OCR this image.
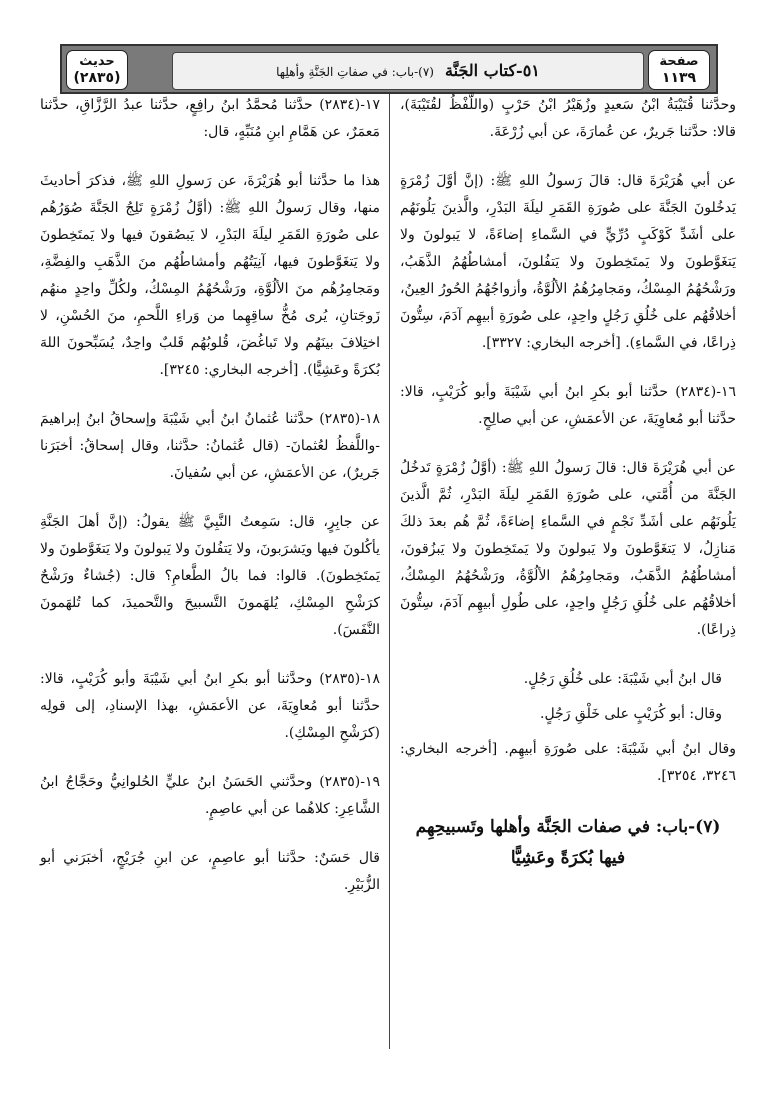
صفحة
١١٣٩
٥١-كتاب الجَنَّة (٧)-باب: في صفاتِ الجَنَّةِ وأهلِها
حديث
(٢٨٣٥)

وحدَّثنا قُتَيْبَةُ ابْنُ سَعيدٍ وزُهَيْرُ ابْنُ حَرْبٍ (واللَّفْظُ لقُتَيْبَةَ)، قالا: حدَّثنا جَريرٌ، عن عُمارَةَ، عن أبي زُرْعَةَ.

عن أبي هُرَيْرَةَ قال: قالَ رَسولُ اللهِ ﷺ: (إنَّ أوَّلَ زُمْرَةٍ يَدخُلونَ الجَنَّةَ على صُورَةِ القَمَرِ ليلَةَ البَدْرِ، والَّذينَ يَلُونَهُم على أشَدِّ كَوْكَبٍ دُرِّيٍّ في السَّماءِ إضاءَةً، لا يَبولونَ ولا يَتغَوَّطونَ ولا يَمتَخِطونَ ولا يَتفُلونَ، أمشاطُهُمُ الذَّهَبُ، ورَشْحُهُمُ المِسْكُ، ومَجامِرُهُمُ الألُوَّةُ، وأزواجُهُمُ الحُورُ العِينُ، أخلاقُهُم على خُلُقِ رَجُلٍ واحِدٍ، على صُورَةِ أبيهِم آدَمَ، سِتُّونَ ذِراعًا، في السَّماءِ). [أخرجه البخاري: ٣٣٢٧].

١٦-(٢٨٣٤) حدَّثنا أبو بكرِ ابنُ أبي شَيْبَةَ وأبو كُرَيْبٍ، قالا: حدَّثنا أبو مُعاوِيَةَ، عن الأعمَشِ، عن أبي صالِحٍ.

عن أبي هُرَيْرَةَ قال: قالَ رَسولُ اللهِ ﷺ: (أوَّلُ زُمْرَةٍ تَدخُلُ الجَنَّةَ من أُمَّتي، على صُورَةِ القَمَرِ ليلَةَ البَدْرِ، ثُمَّ الَّذينَ يَلُونَهُم على أشَدِّ نَجْمٍ في السَّماءِ إضاءَةً، ثُمَّ هُم بعدَ ذلكَ مَنازِلُ، لا يَتغَوَّطونَ ولا يَبولونَ ولا يَمتَخِطونَ ولا يَبزُقونَ، أمشاطُهُمُ الذَّهَبُ، ومَجامِرُهُمُ الألُوَّةُ، ورَشْحُهُمُ المِسْكُ، أخلاقُهُم على خُلُقِ رَجُلٍ واحِدٍ، على طُولِ أبيهِم آدَمَ، سِتُّونَ ذِراعًا).

قال ابنُ أبي شَيْبَةَ: على خُلُقِ رَجُلٍ.

وقال: أبو كُرَيْبٍ على خَلْقِ رَجُلٍ.

وقال ابنُ أبي شَيْبَةَ: على صُورَةِ أبيهِم. [أخرجه البخاري: ٣٢٤٦، ٣٢٥٤].

(٧)-باب: في صفات الجَنَّة وأهلها وتَسبيحِهِم فيها بُكرَةً وعَشِيًّا

١٧-(٢٨٣٤) حدَّثنا مُحمَّدُ ابنُ رافِعٍ، حدَّثنا عبدُ الرَّزَّاقِ، حدَّثنا مَعمَرٌ، عن هَمَّامِ ابنِ مُنَبِّهٍ، قال:

هذا ما حدَّثنا أبو هُرَيْرَةَ، عن رَسولِ اللهِ ﷺ، فذكرَ أحاديثَ منها، وقال رَسولُ اللهِ ﷺ: (أوَّلُ زُمْرَةٍ تَلِجُ الجَنَّةَ صُوَرُهُم على صُورَةِ القَمَرِ ليلَةَ البَدْرِ، لا يَبصُقونَ فيها ولا يَمتَخِطونَ ولا يَتغَوَّطونَ فيها، آنِيَتُهُم وأمشاطُهُم منَ الذَّهَبِ والفِضَّةِ، ومَجامِرُهُم منَ الألُوَّةِ، ورَشْحُهُمُ المِسْكُ، ولكُلِّ واحِدٍ منهُم زَوجَتانِ، يُرى مُخُّ ساقِهِما من وَراءِ اللَّحمِ، منَ الحُسْنِ، لا اختِلافَ بينَهُم ولا تَباغُضَ، قُلوبُهُم قَلبٌ واحِدٌ، يُسَبِّحونَ اللهَ بُكرَةً وعَشِيًّا). [أخرجه البخاري: ٣٢٤٥].

١٨-(٢٨٣٥) حدَّثنا عُثمانُ ابنُ أبي شَيْبَةَ وإسحاقُ ابنُ إبراهيمَ -واللَّفظُ لعُثمانَ- (قال عُثمانُ: حدَّثنا، وقال إسحاقُ: أخبَرَنا جَريرٌ)، عن الأعمَشِ، عن أبي سُفيانَ.

عن جابِرٍ، قال: سَمِعتُ النَّبِيَّ ﷺ يقولُ: (إنَّ أهلَ الجَنَّةِ يأكُلونَ فيها ويَشرَبونَ، ولا يَتفُلونَ ولا يَبولونَ ولا يَتغَوَّطونَ ولا يَمتَخِطونَ). قالوا: فما بالُ الطَّعامِ؟ قال: (جُشاءٌ ورَشْحٌ كرَشْحِ المِسْكِ، يُلهَمونَ التَّسبيحَ والتَّحميدَ، كما تُلهَمونَ النَّفَسَ).

١٨-(٢٨٣٥) وحدَّثنا أبو بكرِ ابنُ أبي شَيْبَةَ وأبو كُرَيْبٍ، قالا: حدَّثنا أبو مُعاوِيَةَ، عن الأعمَشِ، بهذا الإسنادِ، إلى قولِه (كرَشْحِ المِسْكِ).

١٩-(٢٨٣٥) وحدَّثني الحَسَنُ ابنُ عليٍّ الحُلوانِيُّ وحَجَّاجُ ابنُ الشَّاعِرِ: كلاهُما عن أبي عاصِمٍ.

قال حَسَنٌ: حدَّثنا أبو عاصِمٍ، عن ابنِ جُرَيْجٍ، أخبَرَني أبو الزُّبَيْرِ.
